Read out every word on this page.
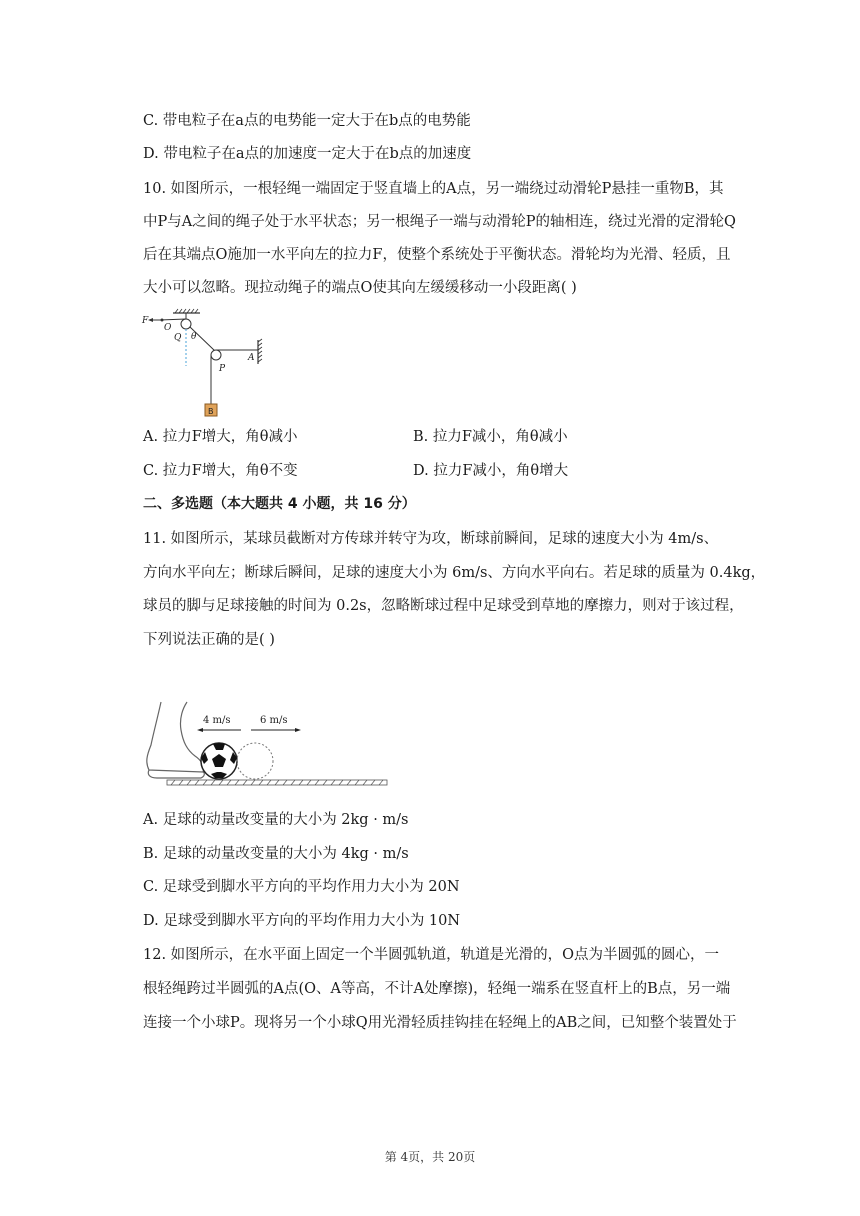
C. 带电粒子在a点的电势能一定大于在b点的电势能
D. 带电粒子在a点的加速度一定大于在b点的加速度
10. 如图所示，一根轻绳一端固定于竖直墙上的A点，另一端绕过动滑轮P悬挂一重物B，其
中P与A之间的绳子处于水平状态；另一根绳子一端与动滑轮P的轴相连，绕过光滑的定滑轮Q
后在其端点O施加一水平向左的拉力F，使整个系统处于平衡状态。滑轮均为光滑、轻质，且
大小可以忽略。现拉动绳子的端点O使其向左缓缓移动一小段距离( )
F
O
Q θ
A
P
B
A. 拉力F增大，角θ减小	B. 拉力F减小，角θ减小
C. 拉力F增大，角θ不变	D. 拉力F减小，角θ增大
二、多选题（本大题共 4 小题，共 16 分）
11. 如图所示，某球员截断对方传球并转守为攻，断球前瞬间，足球的速度大小为 4m/s、
方向水平向左；断球后瞬间，足球的速度大小为 6m/s、方向水平向右。若足球的质量为 0.4kg，
球员的脚与足球接触的时间为 0.2s，忽略断球过程中足球受到草地的摩擦力，则对于该过程，
下列说法正确的是( )
4 m/s	6 m/s
A. 足球的动量改变量的大小为 2kg · m/s
B. 足球的动量改变量的大小为 4kg · m/s
C. 足球受到脚水平方向的平均作用力大小为 20N
D. 足球受到脚水平方向的平均作用力大小为 10N
12. 如图所示，在水平面上固定一个半圆弧轨道，轨道是光滑的，O点为半圆弧的圆心，一
根轻绳跨过半圆弧的A点(O、A等高，不计A处摩擦)，轻绳一端系在竖直杆上的B点，另一端
连接一个小球P。现将另一个小球Q用光滑轻质挂钩挂在轻绳上的AB之间，已知整个装置处于
第 4页，共 20页
